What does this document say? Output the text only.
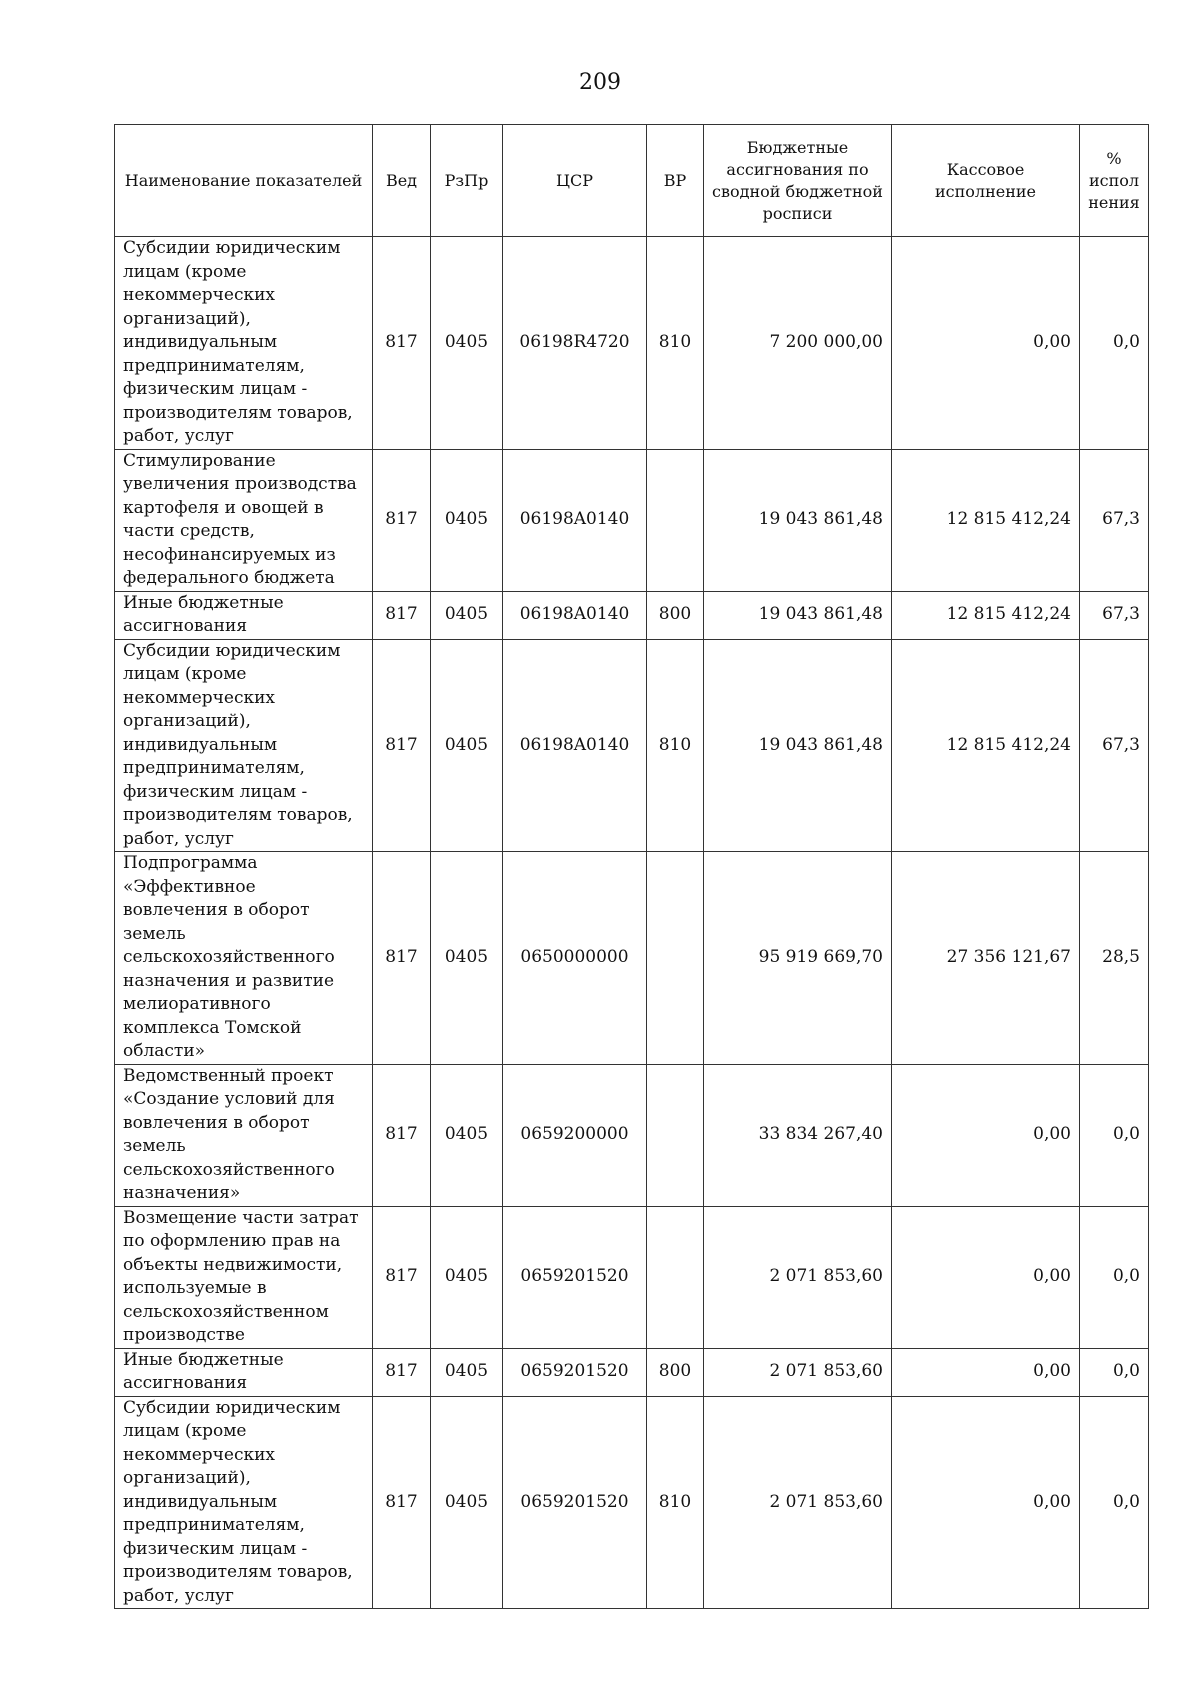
209
Наименование показателей	Вед	РзПр	ЦСР	ВР	Бюджетные ассигнования по сводной бюджетной росписи	Кассовое исполнение	% испол нения
Субсидии юридическим лицам (кроме некоммерческих организаций), индивидуальным предпринимателям, физическим лицам - производителям товаров, работ, услуг	817	0405	06198R4720	810	7 200 000,00	0,00	0,0
Стимулирование увеличения производства картофеля и овощей в части средств, несофинансируемых из федерального бюджета	817	0405	06198A0140		19 043 861,48	12 815 412,24	67,3
Иные бюджетные ассигнования	817	0405	06198A0140	800	19 043 861,48	12 815 412,24	67,3
Субсидии юридическим лицам (кроме некоммерческих организаций), индивидуальным предпринимателям, физическим лицам - производителям товаров, работ, услуг	817	0405	06198A0140	810	19 043 861,48	12 815 412,24	67,3
Подпрограмма «Эффективное вовлечения в оборот земель сельскохозяйственного назначения и развитие мелиоративного комплекса Томской области»	817	0405	0650000000		95 919 669,70	27 356 121,67	28,5
Ведомственный проект «Создание условий для вовлечения в оборот земель сельскохозяйственного назначения»	817	0405	0659200000		33 834 267,40	0,00	0,0
Возмещение части затрат по оформлению прав на объекты недвижимости, используемые в сельскохозяйственном производстве	817	0405	0659201520		2 071 853,60	0,00	0,0
Иные бюджетные ассигнования	817	0405	0659201520	800	2 071 853,60	0,00	0,0
Субсидии юридическим лицам (кроме некоммерческих организаций), индивидуальным предпринимателям, физическим лицам - производителям товаров, работ, услуг	817	0405	0659201520	810	2 071 853,60	0,00	0,0
